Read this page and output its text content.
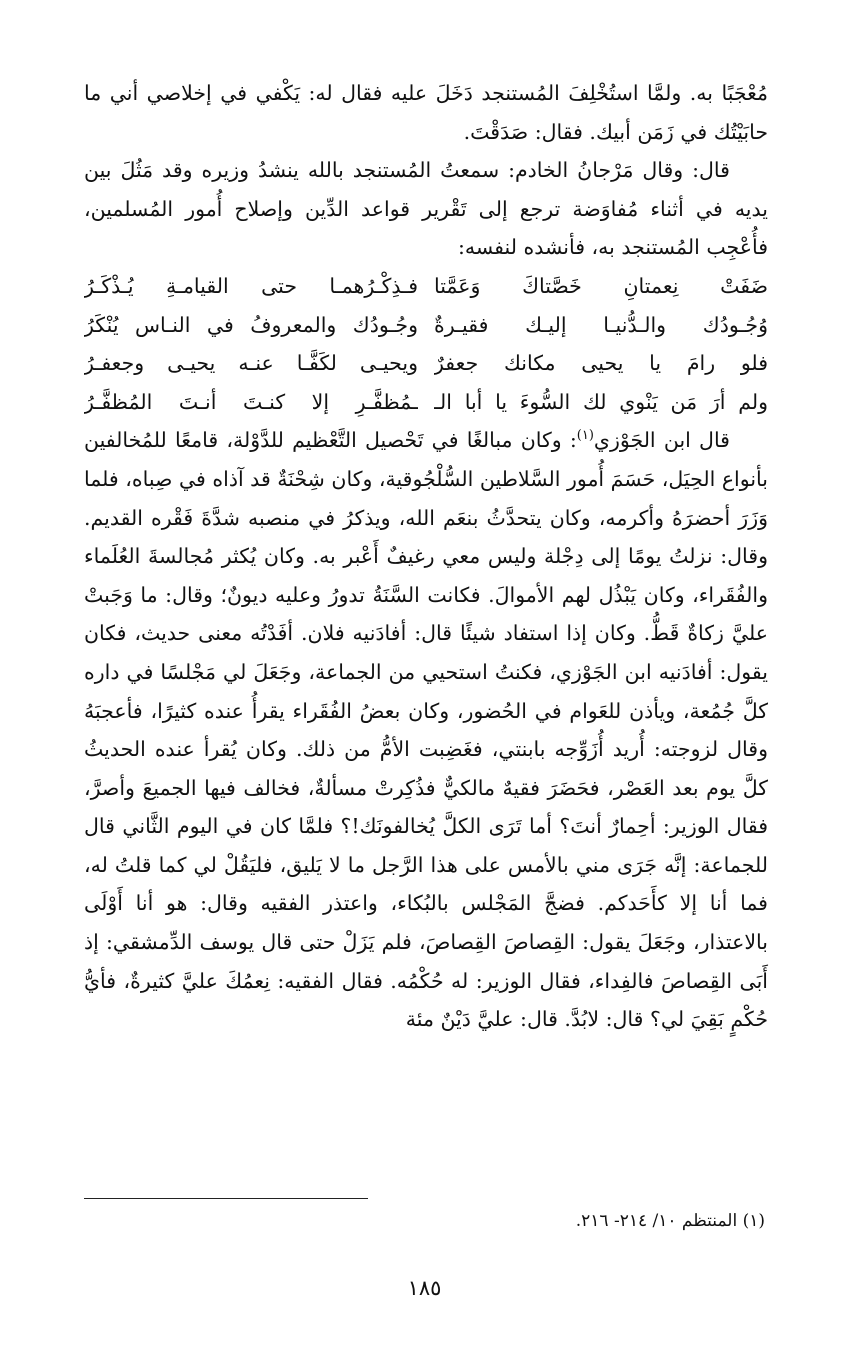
مُعْجَبًا به. ولمَّا استُخْلِفَ المُستنجد دَخَلَ عليه فقال له: يَكْفي في إخلاصي أني ما حابَيْتُك في زَمَن أبيك. فقال: صَدَقْتَ.

قال: وقال مَرْجانُ الخادم: سمعتُ المُستنجد بالله ينشدُ وزيره وقد مَثُلَ بين يديه في أثناء مُفاوَضة ترجع إلى تَقْرير قواعد الدِّين وإصلاح أُمور المُسلمين، فأُعْجِب المُستنجد به، فأنشده لنفسه:

ضَفَتْ نِعمتانِ خَصَّتاكَ وَعَمَّتا
فـذِكْـرُهمـا حتى القيامـةِ يُـذْكَـرُ
وُجُـودُك والـدُّنيـا إليـك فقيـرةٌ
وجُـودُك والمعروفُ في النـاس يُنْكَرُ
فلو رامَ يا يحيى مكانك جعفرٌ
ويحيـى لكَفَّـا عنـه يحيـى وجعفـرُ
ولم أرَ مَن يَنْوي لك السُّوءَ يا أبا الـ
ـمُظفَّـرِ إلا كنـتَ أنـتَ المُظفَّـرُ

قال ابن الجَوْزي$^{(١)}$: وكان مبالغًا في تَحْصيل التَّعْظيم للدَّوْلة، قامعًا للمُخالفين بأنواع الحِيَل، حَسَمَ أُمور السَّلاطين السُّلْجُوقية، وكان شِحْنَةٌ قد آذاه في صِباه، فلما وَزَرَ أحضرَهُ وأكرمه، وكان يتحدَّثُ بنعَم الله، ويذكرُ في منصبه شدَّةَ فَقْره القديم. وقال: نزلتُ يومًا إلى دِجْلة وليس معي رغيفٌ أَعْبر به. وكان يُكثر مُجالسةَ العُلَماء والفُقَراء، وكان يَبْذُل لهم الأموالَ. فكانت السَّنَةُ تدورُ وعليه ديونٌ؛ وقال: ما وَجَبتْ عليَّ زكاةٌ قَطُّ. وكان إذا استفاد شيئًا قال: أفادَنيه فلان. أفَدْتُه معنى حديث، فكان يقول: أفادَنيه ابن الجَوْزي، فكنتُ استحيي من الجماعة، وجَعَلَ لي مَجْلسًا في داره كلَّ جُمُعة، ويأذن للعَوام في الحُضور، وكان بعضُ الفُقَراء يقرأُ عنده كثيرًا، فأعجبَهُ وقال لزوجته: أُريد أُزَوِّجه بابنتي، فغَضِبت الأمُّ من ذلك. وكان يُقرأ عنده الحديثُ كلَّ يوم بعد العَصْر، فحَضَرَ فقيهٌ مالكيٌّ فذُكِرتْ مسألةٌ، فخالف فيها الجميعَ وأصرَّ، فقال الوزير: أحِمارٌ أنتَ؟ أما تَرَى الكلَّ يُخالفونَك!؟ فلمَّا كان في اليوم الثَّاني قال للجماعة: إنَّه جَرَى مني بالأمس على هذا الرَّجل ما لا يَليق، فليَقُلْ لي كما قلتُ له، فما أنا إلا كأَحَدكم. فضجَّ المَجْلس بالبُكاء، واعتذر الفقيه وقال: هو أنا أَوْلَى بالاعتذار، وجَعَلَ يقول: القِصاصَ القِصاصَ، فلم يَزَلْ حتى قال يوسف الدِّمشقي: إذ أَبَى القِصاصَ فالفِداء، فقال الوزير: له حُكْمُه. فقال الفقيه: نِعمُكَ عليَّ كثيرةٌ، فأيُّ حُكْمٍ بَقِيَ لي؟ قال: لابُدَّ. قال: عليَّ دَيْنٌ مئة

(١) المنتظم ١٠/ ٢١٤- ٢١٦.
١٨٥
